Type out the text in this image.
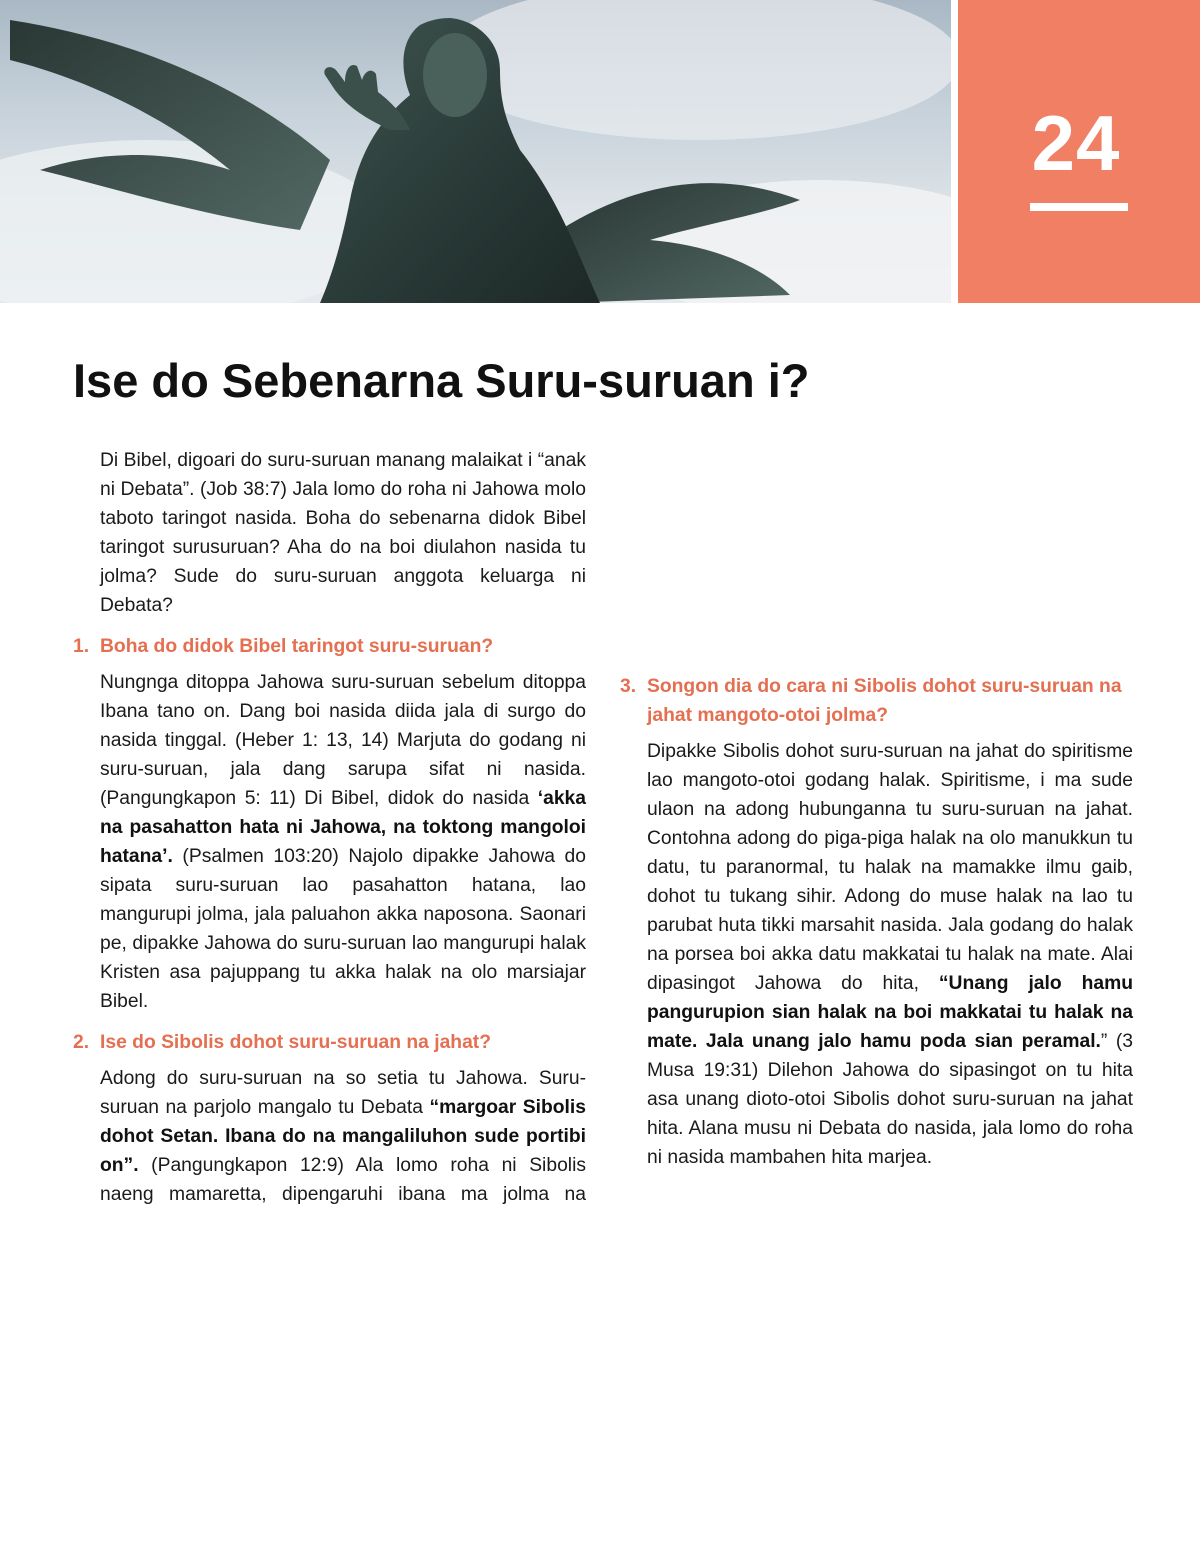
24
Ise do Sebenarna Suru-suruan i?

Di Bibel, digoari do suru-suruan manang malaikat i “anak ni Debata”. (Job 38:7) Jala lomo do roha ni Jahowa molo taboto taringot nasida. Boha do sebenarna didok Bibel taringot surusuruan? Aha do na boi diulahon nasida tu jolma? Sude do suru-suruan anggota keluarga ni Debata?

1. Boha do didok Bibel taringot suru-suruan?

Nungnga ditoppa Jahowa suru-suruan sebelum ditoppa Ibana tano on. Dang boi nasida diida jala di surgo do nasida tinggal. (Heber 1: 13, 14) Marjuta do godang ni suru-suruan, jala dang sarupa sifat ni nasida. (Pangungkapon 5: 11) Di Bibel, didok do nasida ‘akka na pasahatton hata ni Jahowa, na toktong mangoloi hatana’. (Psalmen 103:20) Najolo dipakke Jahowa do sipata suru-suruan lao pasahatton hatana, lao mangurupi jolma, jala paluahon akka naposona. Saonari pe, dipakke Jahowa do suru-suruan lao mangurupi halak Kristen asa pajuppang tu akka halak na olo marsiajar Bibel.

2. Ise do Sibolis dohot suru-suruan na jahat?

Adong do suru-suruan na so setia tu Jahowa. Suru-suruan na parjolo mangalo tu Debata “margoar Sibolis dohot Setan. Ibana do na mangaliluhon sude portibi on”. (Pangungkapon 12:9) Ala lomo roha ni Sibolis naeng mamaretta, dipengaruhi ibana ma jolma na

3. Songon dia do cara ni Sibolis dohot suru-suruan na jahat mangoto-otoi jolma?

Dipakke Sibolis dohot suru-suruan na jahat do spiritisme lao mangoto-otoi godang halak. Spiritisme, i ma sude ulaon na adong hubunganna tu suru-suruan na jahat. Contohna adong do piga-piga halak na olo manukkun tu datu, tu paranormal, tu halak na mamakke ilmu gaib, dohot tu tukang sihir. Adong do muse halak na lao tu parubat huta tikki marsahit nasida. Jala godang do halak na porsea boi akka datu makkatai tu halak na mate. Alai dipasingot Jahowa do hita, “Unang jalo hamu pangurupion sian halak na boi makkatai tu halak na mate. Jala unang jalo hamu poda sian peramal.” (3 Musa 19:31) Dilehon Jahowa do sipasingot on tu hita asa unang dioto-otoi Sibolis dohot suru-suruan na jahat hita. Alana musu ni Debata do nasida, jala lomo do roha ni nasida mambahen hita marjea.
